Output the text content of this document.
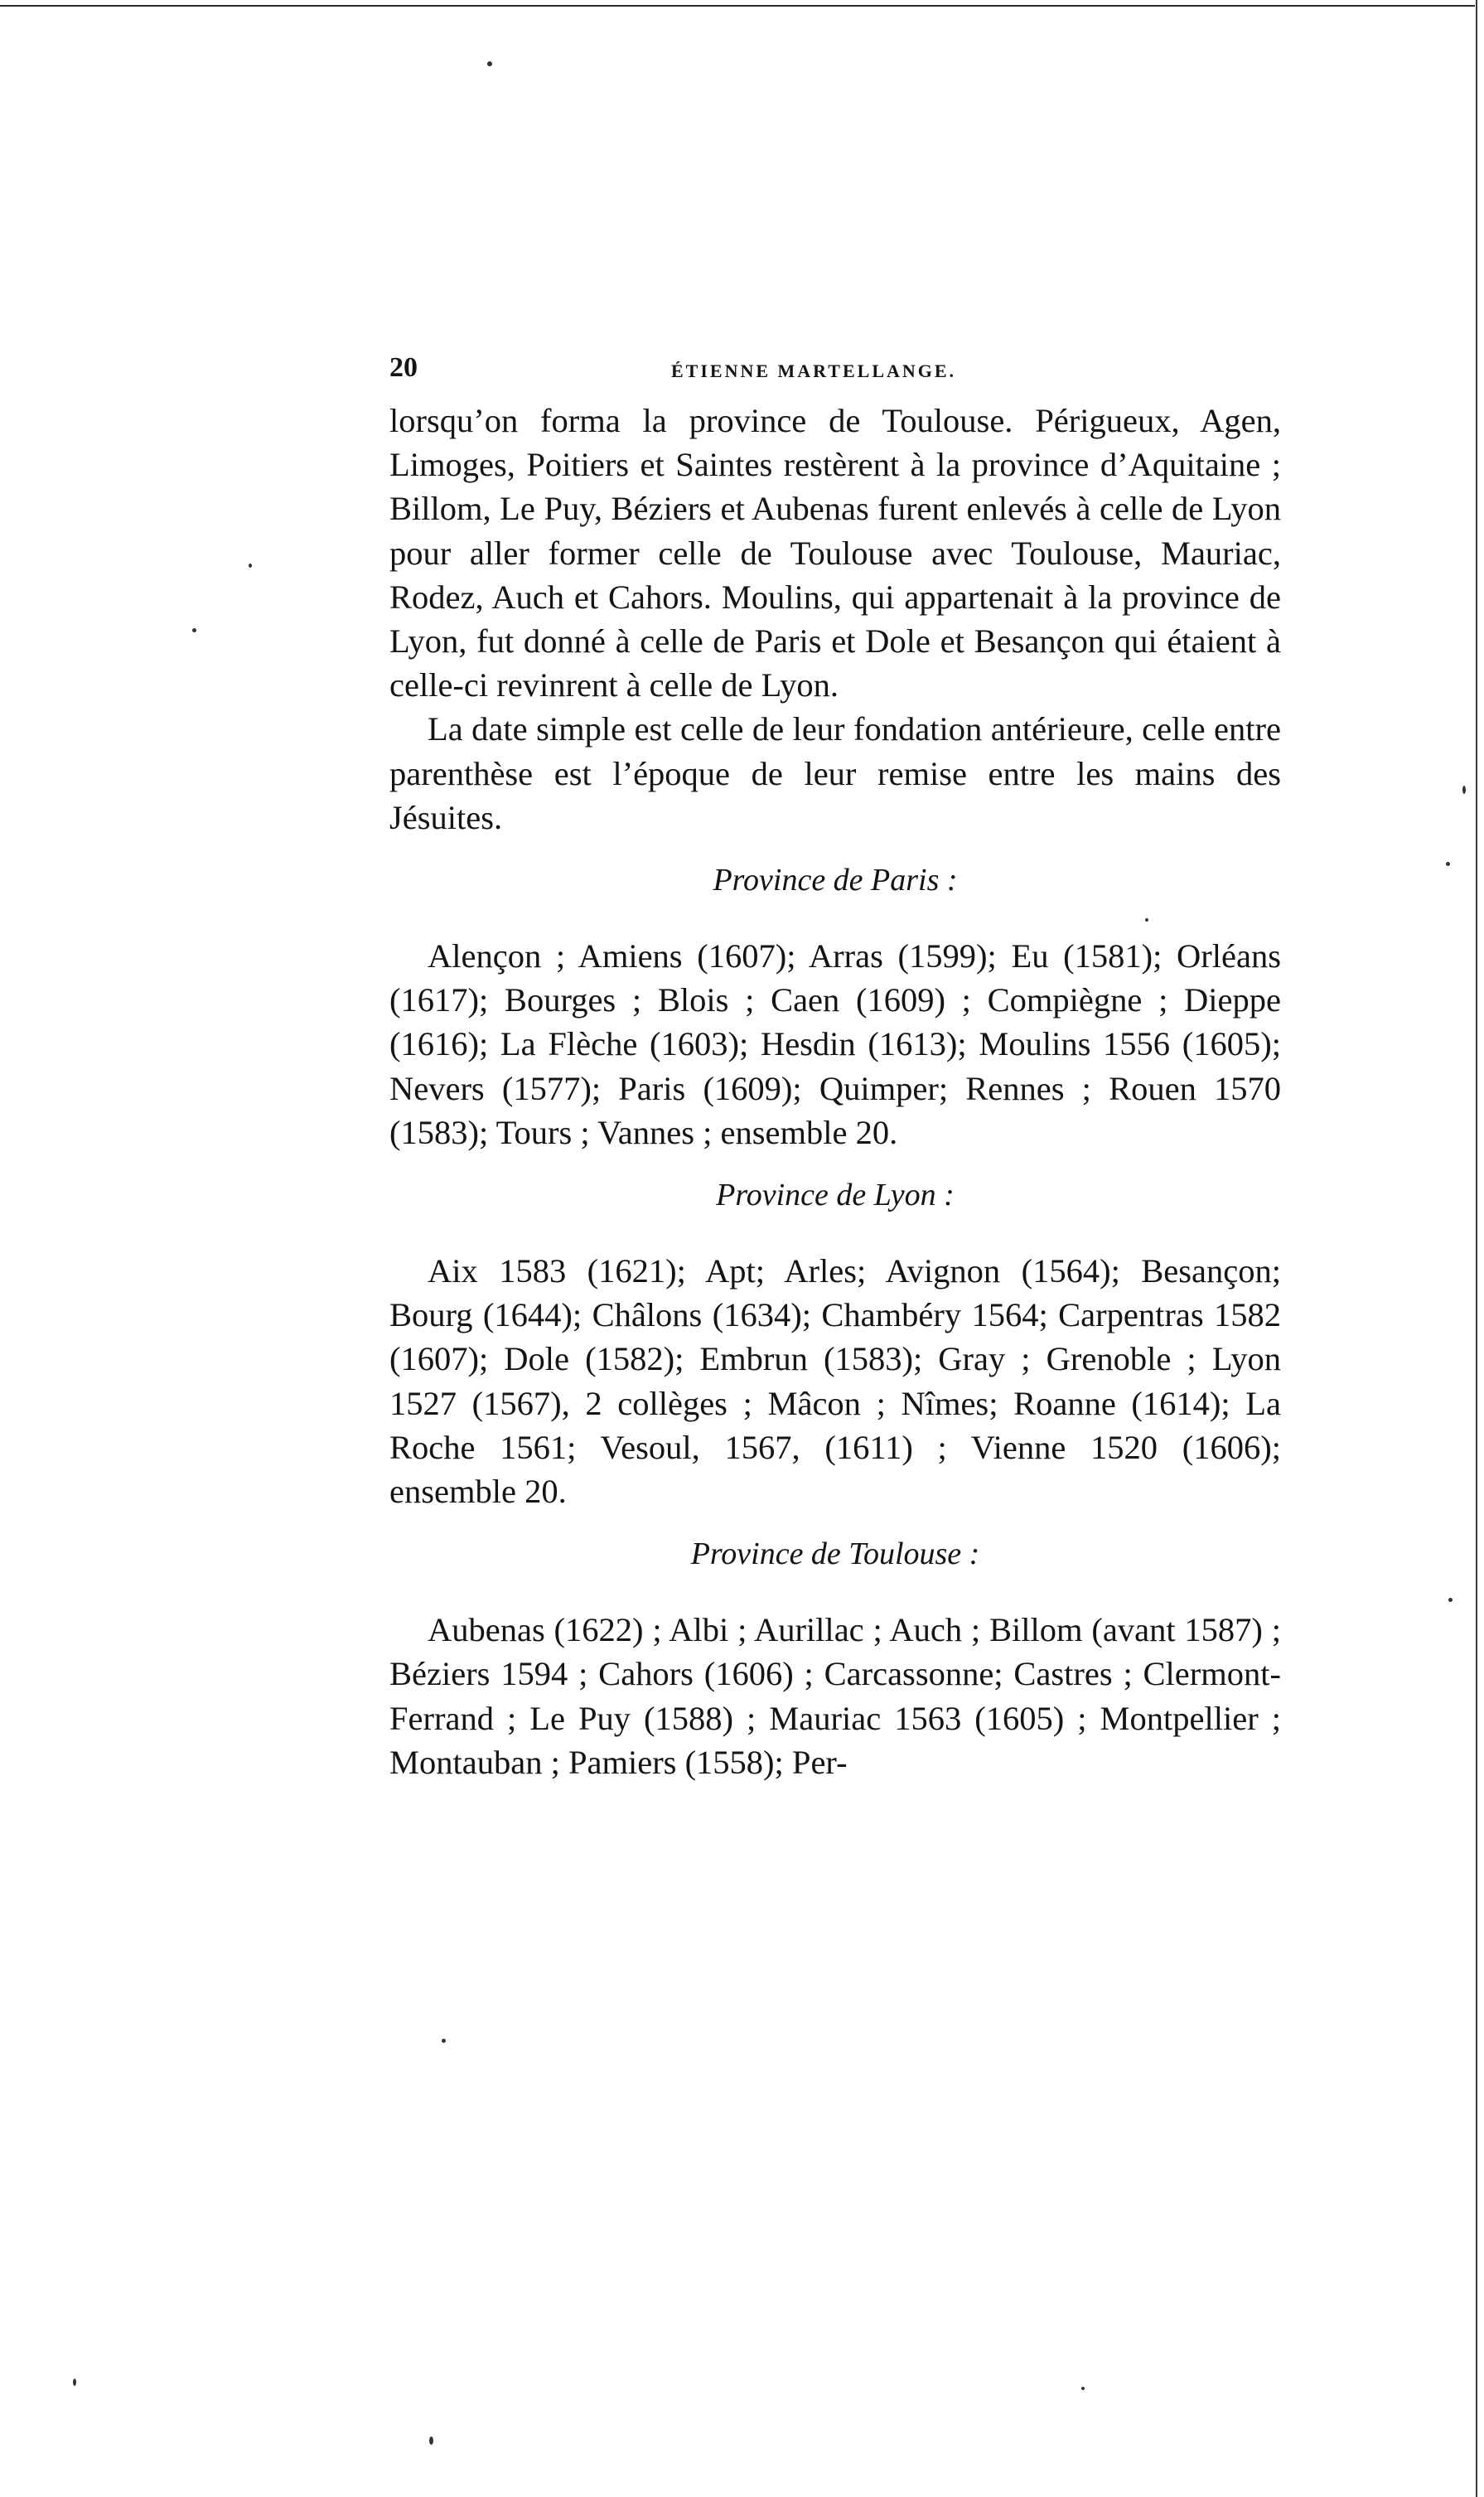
20	ÉTIENNE MARTELLANGE.

lorsqu’on forma la province de Toulouse. Périgueux, Agen, Limoges, Poitiers et Saintes restèrent à la province d’Aquitaine ; Billom, Le Puy, Béziers et Aubenas furent enlevés à celle de Lyon pour aller former celle de Toulouse avec Toulouse, Mauriac, Rodez, Auch et Cahors. Moulins, qui appartenait à la province de Lyon, fut donné à celle de Paris et Dole et Besançon qui étaient à celle-ci revinrent à celle de Lyon.

La date simple est celle de leur fondation antérieure, celle entre parenthèse est l’époque de leur remise entre les mains des Jésuites.

Province de Paris :

Alençon ; Amiens (1607); Arras (1599); Eu (1581); Orléans (1617); Bourges ; Blois ; Caen (1609) ; Compiègne ; Dieppe (1616); La Flèche (1603); Hesdin (1613); Moulins 1556 (1605); Nevers (1577); Paris (1609); Quimper; Rennes ; Rouen 1570 (1583); Tours ; Vannes ; ensemble 20.

Province de Lyon :

Aix 1583 (1621); Apt; Arles; Avignon (1564); Besançon; Bourg (1644); Châlons (1634); Chambéry 1564; Carpentras 1582 (1607); Dole (1582); Embrun (1583); Gray ; Grenoble ; Lyon 1527 (1567), 2 collèges ; Mâcon ; Nîmes; Roanne (1614); La Roche 1561; Vesoul, 1567, (1611) ; Vienne 1520 (1606); ensemble 20.

Province de Toulouse :

Aubenas (1622) ; Albi ; Aurillac ; Auch ; Billom (avant 1587) ; Béziers 1594 ; Cahors (1606) ; Carcassonne; Castres ; Clermont-Ferrand ; Le Puy (1588) ; Mauriac 1563 (1605) ; Montpellier ; Montauban ; Pamiers (1558); Per-
